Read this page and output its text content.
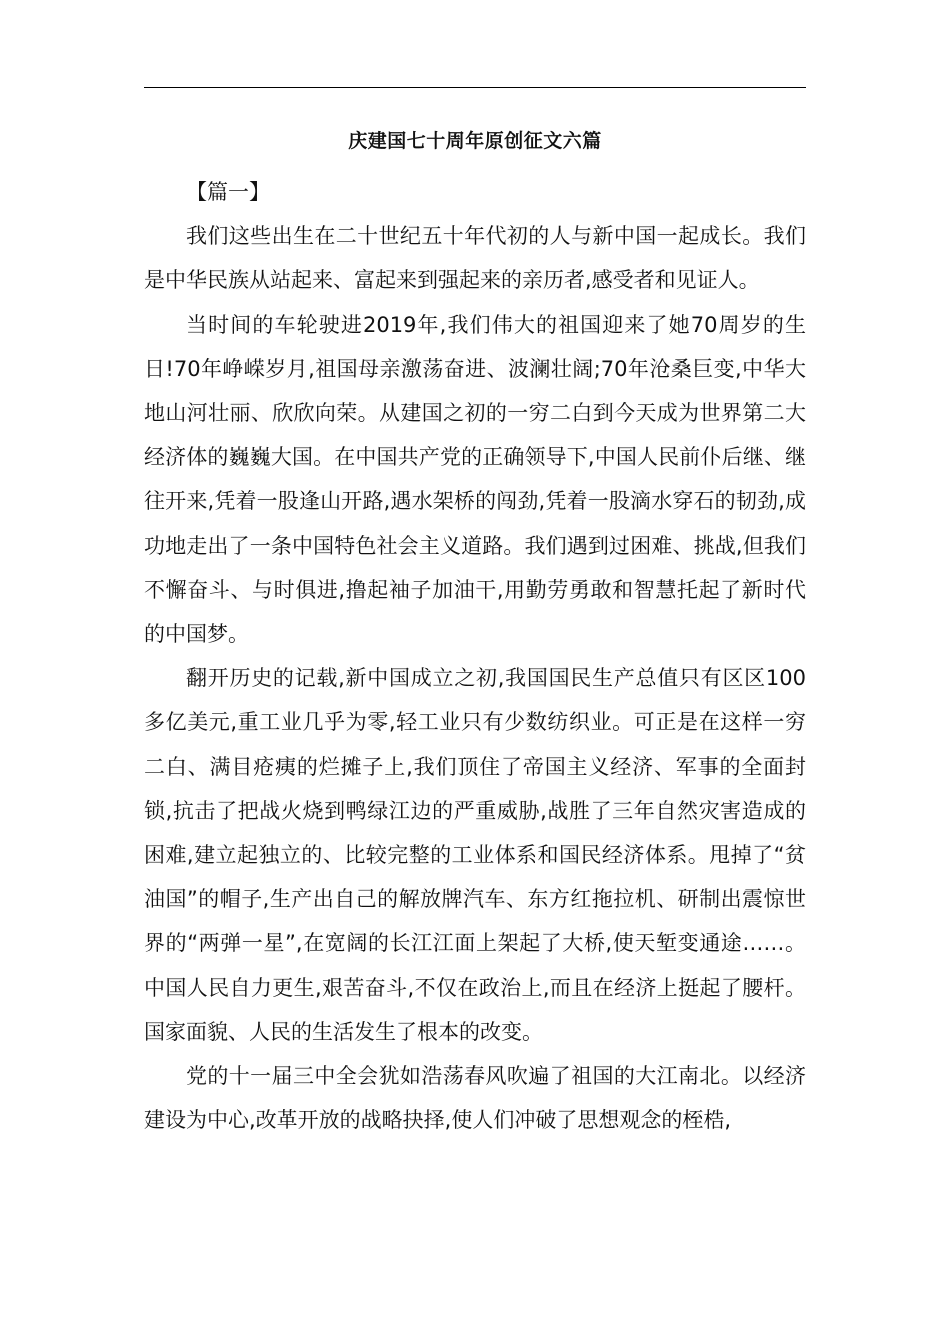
庆建国七十周年原创征文六篇

【篇一】

我们这些出生在二十世纪五十年代初的人与新中国一起成长。我们是中华民族从站起来、富起来到强起来的亲历者,感受者和见证人。

当时间的车轮驶进2019年,我们伟大的祖国迎来了她70周岁的生日!70年峥嵘岁月,祖国母亲激荡奋进、波澜壮阔;70年沧桑巨变,中华大地山河壮丽、欣欣向荣。从建国之初的一穷二白到今天成为世界第二大经济体的巍巍大国。在中国共产党的正确领导下,中国人民前仆后继、继往开来,凭着一股逢山开路,遇水架桥的闯劲,凭着一股滴水穿石的韧劲,成功地走出了一条中国特色社会主义道路。我们遇到过困难、挑战,但我们不懈奋斗、与时俱进,撸起袖子加油干,用勤劳勇敢和智慧托起了新时代的中国梦。

翻开历史的记载,新中国成立之初,我国国民生产总值只有区区100多亿美元,重工业几乎为零,轻工业只有少数纺织业。可正是在这样一穷二白、满目疮痍的烂摊子上,我们顶住了帝国主义经济、军事的全面封锁,抗击了把战火烧到鸭绿江边的严重威胁,战胜了三年自然灾害造成的困难,建立起独立的、比较完整的工业体系和国民经济体系。甩掉了“贫油国”的帽子,生产出自己的解放牌汽车、东方红拖拉机、研制出震惊世界的“两弹一星”,在宽阔的长江江面上架起了大桥,使天堑变通途……。中国人民自力更生,艰苦奋斗,不仅在政治上,而且在经济上挺起了腰杆。国家面貌、人民的生活发生了根本的改变。

党的十一届三中全会犹如浩荡春风吹遍了祖国的大江南北。以经济建设为中心,改革开放的战略抉择,使人们冲破了思想观念的桎梏,
